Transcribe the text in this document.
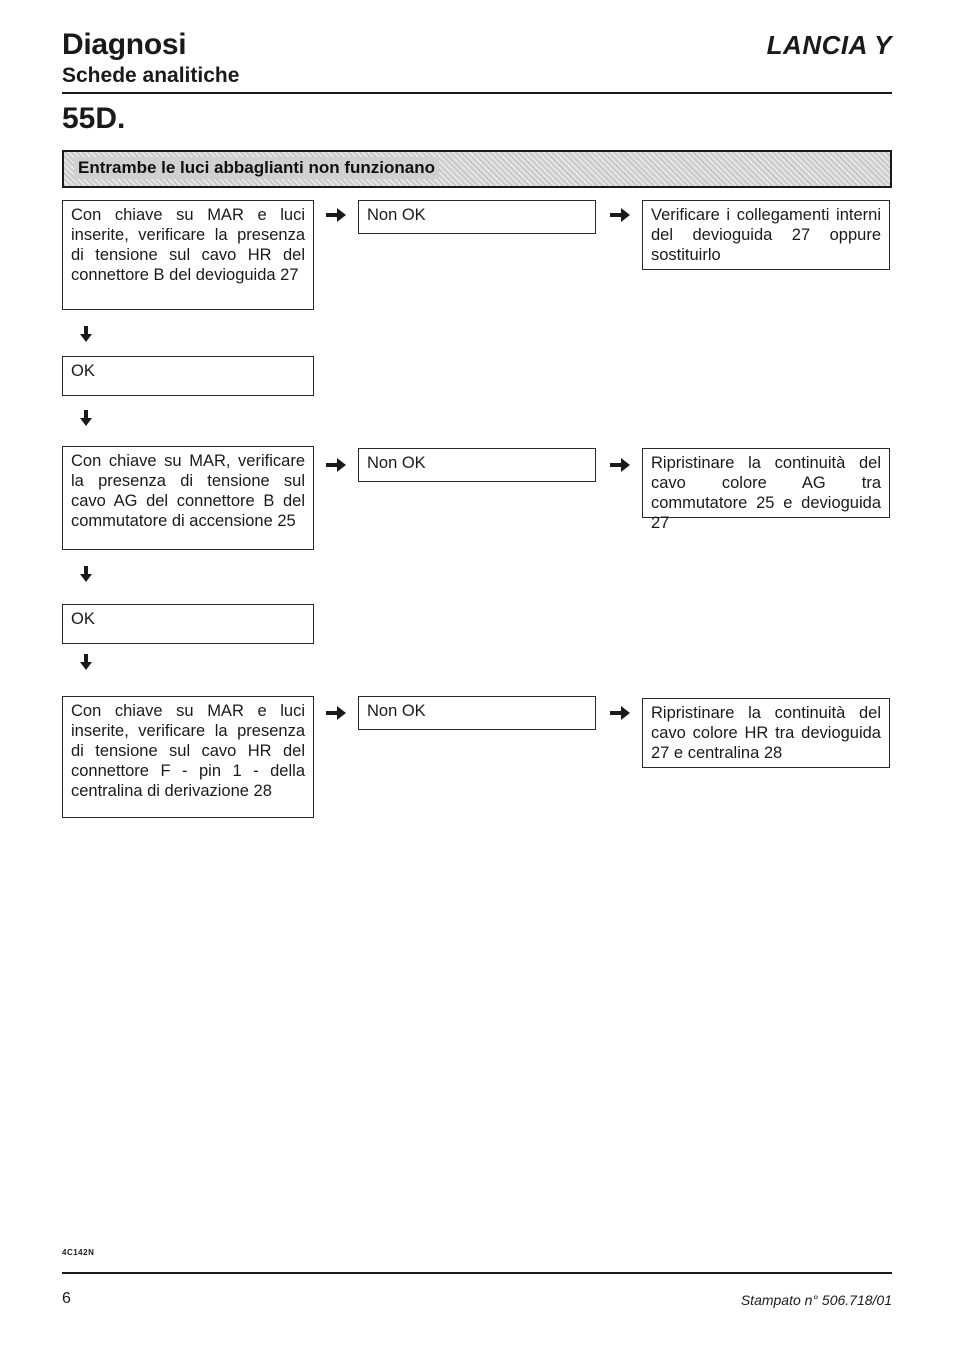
Diagnosi
Schede analitiche
LANCIA Y
55D.
Entrambe le luci abbaglianti non funzionano
Con chiave su MAR e luci inserite, verificare la presenza di tensione sul cavo HR del connettore B del devioguida 27
Non OK	Verificare i collegamenti interni del devioguida 27 oppure sostituirlo
OK
Con chiave su MAR, verificare la presenza di tensione sul cavo AG del connettore B del commutatore di accensione 25
Non OK	Ripristinare la continuità del cavo colore AG tra commutatore 25 e devioguida 27
OK
Con chiave su MAR e luci inserite, verificare la presenza di tensione sul cavo HR del connettore F - pin 1 - della centralina di derivazione 28
Non OK	Ripristinare la continuità del cavo colore HR tra devioguida 27 e centralina 28
4C142N
6	Stampato n° 506.718/01
